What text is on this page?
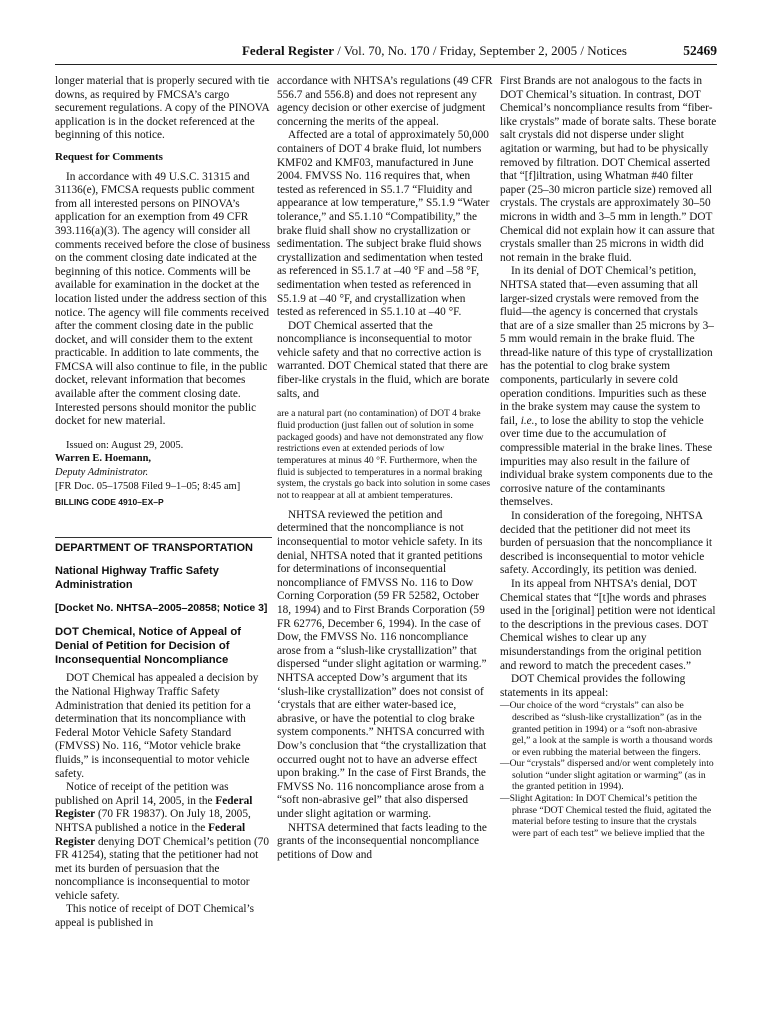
Federal Register / Vol. 70, No. 170 / Friday, September 2, 2005 / Notices	52469

longer material that is properly secured with tie downs, as required by FMCSA’s cargo securement regulations. A copy of the PINOVA application is in the docket referenced at the beginning of this notice.

Request for Comments

In accordance with 49 U.S.C. 31315 and 31136(e), FMCSA requests public comment from all interested persons on PINOVA’s application for an exemption from 49 CFR 393.116(a)(3). The agency will consider all comments received before the close of business on the comment closing date indicated at the beginning of this notice. Comments will be available for examination in the docket at the location listed under the address section of this notice. The agency will file comments received after the comment closing date in the public docket, and will consider them to the extent practicable. In addition to late comments, the FMCSA will also continue to file, in the public docket, relevant information that becomes available after the comment closing date. Interested persons should monitor the public docket for new material.

Issued on: August 29, 2005.

Warren E. Hoemann,

Deputy Administrator.

[FR Doc. 05–17508 Filed 9–1–05; 8:45 am]

BILLING CODE 4910–EX–P

DEPARTMENT OF TRANSPORTATION

National Highway Traffic Safety Administration

[Docket No. NHTSA–2005–20858; Notice 3]

DOT Chemical, Notice of Appeal of Denial of Petition for Decision of Inconsequential Noncompliance

DOT Chemical has appealed a decision by the National Highway Traffic Safety Administration that denied its petition for a determination that its noncompliance with Federal Motor Vehicle Safety Standard (FMVSS) No. 116, “Motor vehicle brake fluids,” is inconsequential to motor vehicle safety.

Notice of receipt of the petition was published on April 14, 2005, in the Federal Register (70 FR 19837). On July 18, 2005, NHTSA published a notice in the Federal Register denying DOT Chemical’s petition (70 FR 41254), stating that the petitioner had not met its burden of persuasion that the noncompliance is inconsequential to motor vehicle safety.

This notice of receipt of DOT Chemical’s appeal is published in

accordance with NHTSA’s regulations (49 CFR 556.7 and 556.8) and does not represent any agency decision or other exercise of judgment concerning the merits of the appeal.

Affected are a total of approximately 50,000 containers of DOT 4 brake fluid, lot numbers KMF02 and KMF03, manufactured in June 2004. FMVSS No. 116 requires that, when tested as referenced in S5.1.7 “Fluidity and appearance at low temperature,” S5.1.9 “Water tolerance,” and S5.1.10 “Compatibility,” the brake fluid shall show no crystallization or sedimentation. The subject brake fluid shows crystallization and sedimentation when tested as referenced in S5.1.7 at –40 °F and –58 °F, sedimentation when tested as referenced in S5.1.9 at –40 °F, and crystallization when tested as referenced in S5.1.10 at –40 °F.

DOT Chemical asserted that the noncompliance is inconsequential to motor vehicle safety and that no corrective action is warranted. DOT Chemical stated that there are fiber-like crystals in the fluid, which are borate salts, and

are a natural part (no contamination) of DOT 4 brake fluid production (just fallen out of solution in some packaged goods) and have not demonstrated any flow restrictions even at extended periods of low temperatures at minus 40 °F. Furthermore, when the fluid is subjected to temperatures in a normal braking system, the crystals go back into solution in some cases not to reappear at all at ambient temperatures.

NHTSA reviewed the petition and determined that the noncompliance is not inconsequential to motor vehicle safety. In its denial, NHTSA noted that it granted petitions for determinations of inconsequential noncompliance of FMVSS No. 116 to Dow Corning Corporation (59 FR 52582, October 18, 1994) and to First Brands Corporation (59 FR 62776, December 6, 1994). In the case of Dow, the FMVSS No. 116 noncompliance arose from a “slush-like crystallization” that dispersed “under slight agitation or warming.” NHTSA accepted Dow’s argument that its ‘slush-like crystallization” does not consist of ‘crystals that are either water-based ice, abrasive, or have the potential to clog brake system components.” NHTSA concurred with Dow’s conclusion that “the crystallization that occurred ought not to have an adverse effect upon braking.” In the case of First Brands, the FMVSS No. 116 noncompliance arose from a “soft non-abrasive gel” that also dispersed under slight agitation or warming.

NHTSA determined that facts leading to the grants of the inconsequential noncompliance petitions of Dow and

First Brands are not analogous to the facts in DOT Chemical’s situation. In contrast, DOT Chemical’s noncompliance results from “fiber-like crystals” made of borate salts. These borate salt crystals did not disperse under slight agitation or warming, but had to be physically removed by filtration. DOT Chemical asserted that “[f]iltration, using Whatman #40 filter paper (25–30 micron particle size) removed all crystals. The crystals are approximately 30–50 microns in width and 3–5 mm in length.” DOT Chemical did not explain how it can assure that crystals smaller than 25 microns in width did not remain in the brake fluid.

In its denial of DOT Chemical’s petition, NHTSA stated that—even assuming that all larger-sized crystals were removed from the fluid—the agency is concerned that crystals that are of a size smaller than 25 microns by 3–5 mm would remain in the brake fluid. The thread-like nature of this type of crystallization has the potential to clog brake system components, particularly in severe cold operation conditions. Impurities such as these in the brake system may cause the system to fail, i.e., to lose the ability to stop the vehicle over time due to the accumulation of compressible material in the brake lines. These impurities may also result in the failure of individual brake system components due to the corrosive nature of the contaminants themselves.

In consideration of the foregoing, NHTSA decided that the petitioner did not meet its burden of persuasion that the noncompliance it described is inconsequential to motor vehicle safety. Accordingly, its petition was denied.

In its appeal from NHTSA’s denial, DOT Chemical states that “[t]he words and phrases used in the [original] petition were not identical to the descriptions in the previous cases. DOT Chemical wishes to clear up any misunderstandings from the original petition and reword to match the precedent cases.”

DOT Chemical provides the following statements in its appeal:

—Our choice of the word “crystals” can also be described as “slush-like crystallization” (as in the granted petition in 1994) or a “soft non-abrasive gel,” a look at the sample is worth a thousand words or even rubbing the material between the fingers.

—Our “crystals” dispersed and/or went completely into solution “under slight agitation or warming” (as in the granted petition in 1994).

—Slight Agitation: In DOT Chemical’s petition the phrase “DOT Chemical tested the fluid, agitated the material before testing to insure that the crystals were part of each test” we believe implied that the
